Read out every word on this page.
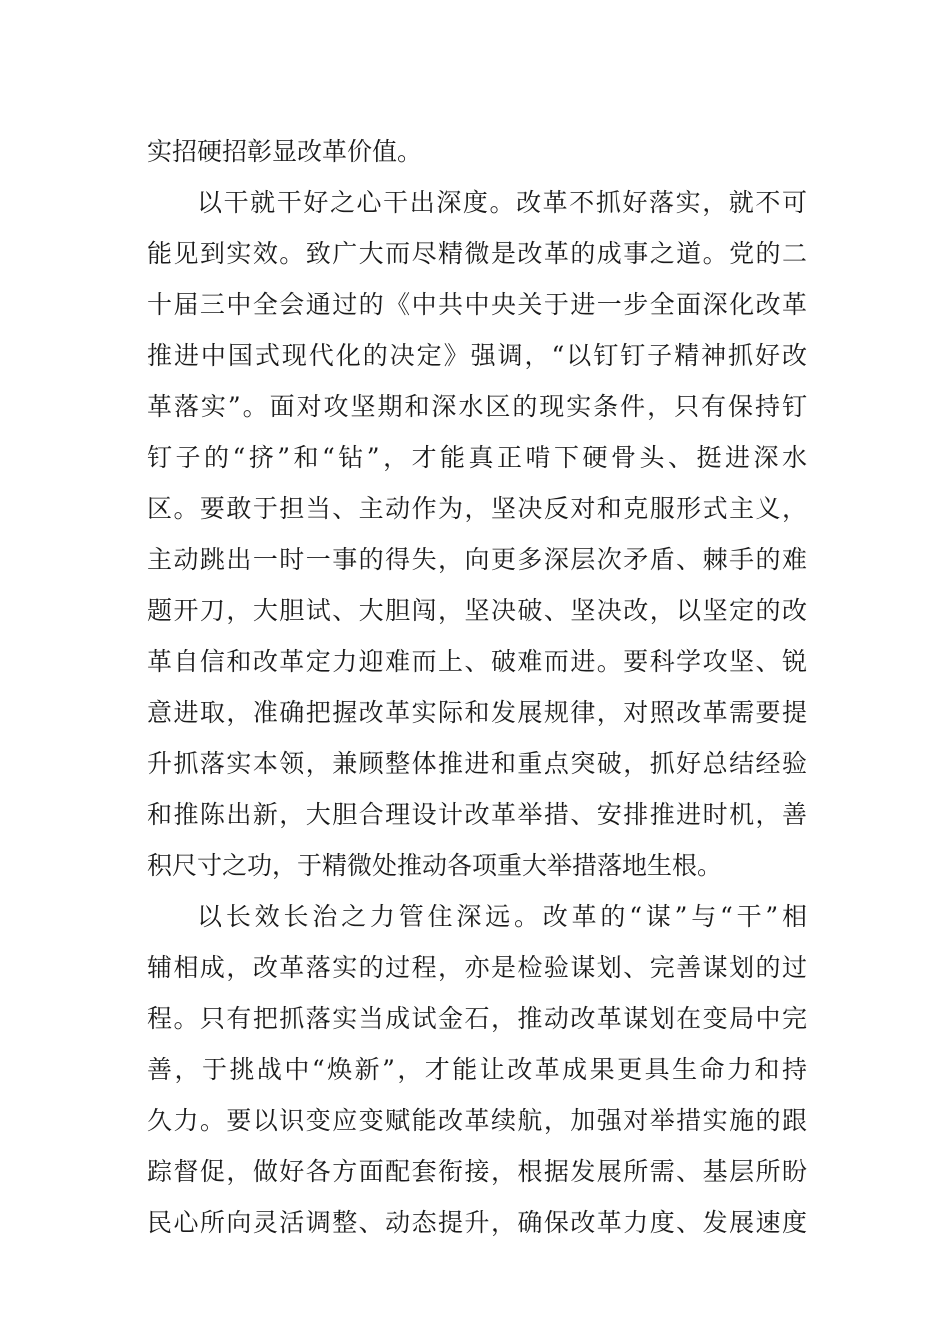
实招硬招彰显改革价值。
以干就干好之心干出深度。改革不抓好落实，就不可
能见到实效。致广大而尽精微是改革的成事之道。党的二
十届三中全会通过的《中共中央关于进一步全面深化改革
推进中国式现代化的决定》强调，“以钉钉子精神抓好改
革落实”。面对攻坚期和深水区的现实条件，只有保持钉
钉子的“挤”和“钻”，才能真正啃下硬骨头、挺进深水
区。要敢于担当、主动作为，坚决反对和克服形式主义，
主动跳出一时一事的得失，向更多深层次矛盾、棘手的难
题开刀，大胆试、大胆闯，坚决破、坚决改，以坚定的改
革自信和改革定力迎难而上、破难而进。要科学攻坚、锐
意进取，准确把握改革实际和发展规律，对照改革需要提
升抓落实本领，兼顾整体推进和重点突破，抓好总结经验
和推陈出新，大胆合理设计改革举措、安排推进时机，善
积尺寸之功，于精微处推动各项重大举措落地生根。
以长效长治之力管住深远。改革的“谋”与“干”相
辅相成，改革落实的过程，亦是检验谋划、完善谋划的过
程。只有把抓落实当成试金石，推动改革谋划在变局中完
善，于挑战中“焕新”，才能让改革成果更具生命力和持
久力。要以识变应变赋能改革续航，加强对举措实施的跟
踪督促，做好各方面配套衔接，根据发展所需、基层所盼
民心所向灵活调整、动态提升，确保改革力度、发展速度
